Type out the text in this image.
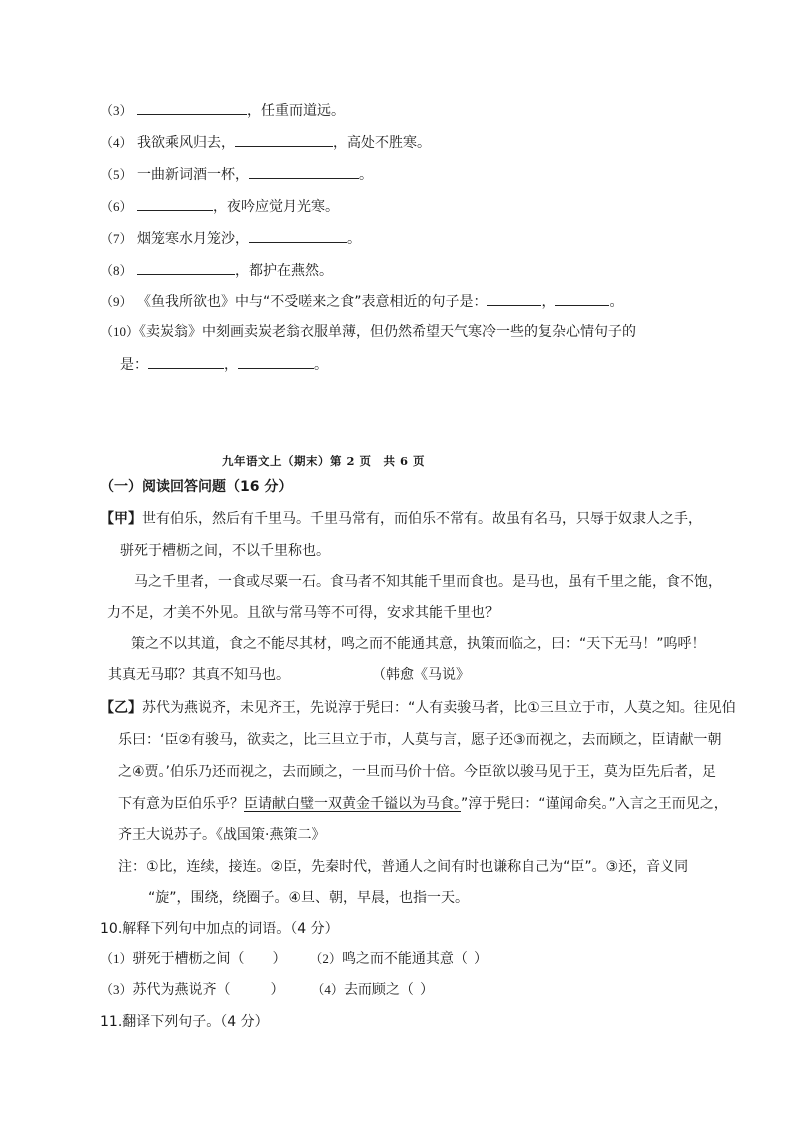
（3）	，任重而道远。
（4） 我欲乘风归去，	，高处不胜寒。
（5） 一曲新词酒一杯，	。
（6）	，夜吟应觉月光寒。
（7） 烟笼寒水月笼沙，	。
（8）	，都护在燕然。
（9） 《鱼我所欲也》中与“不受嗟来之食”表意相近的句子是：	，	。
（10）《卖炭翁》中刻画卖炭老翁衣服单薄，但仍然希望天气寒冷一些的复杂心情句子的
是：	，	。
九年语文上（期末）第 2 页　共 6 页
（一）阅读回答问题（16 分）
【甲】世有伯乐，然后有千里马。千里马常有，而伯乐不常有。故虽有名马，只辱于奴隶人之手，
骈死于槽枥之间，不以千里称也。
马之千里者，一食或尽粟一石。食马者不知其能千里而食也。是马也，虽有千里之能，食不饱，
力不足，才美不外见。且欲与常马等不可得，安求其能千里也？
策之不以其道，食之不能尽其材，鸣之而不能通其意，执策而临之，曰：“天下无马！”呜呼！
其真无马耶？其真不知马也。	（韩愈《马说》
【乙】苏代为燕说齐，未见齐王，先说淳于髡曰：“人有卖骏马者，比①三旦立于市，人莫之知。往见伯
乐曰：‘臣②有骏马，欲卖之，比三旦立于市，人莫与言，愿子还③而视之，去而顾之，臣请献一朝
之④贾。’伯乐乃还而视之，去而顾之，一旦而马价十倍。今臣欲以骏马见于王，莫为臣先后者，足
下有意为臣伯乐乎？臣请献白璧一双黄金千镒以为马食。”淳于髡曰：“谨闻命矣。”入言之王而见之，
齐王大说苏子。《战国策·燕策二》
注：①比，连续，接连。②臣，先秦时代，普通人之间有时也谦称自己为“臣”。③还，音义同
“旋”，围绕，绕圈子。④旦、朝，早晨，也指一天。
10.解释下列句中加点的词语。（4 分）
（1）骈死于槽枥之间（ ） （2）鸣之而不能通其意（ ）
（3）苏代为燕说齐（	） （4）去而顾之（ ）
11.翻译下列句子。（4 分）
